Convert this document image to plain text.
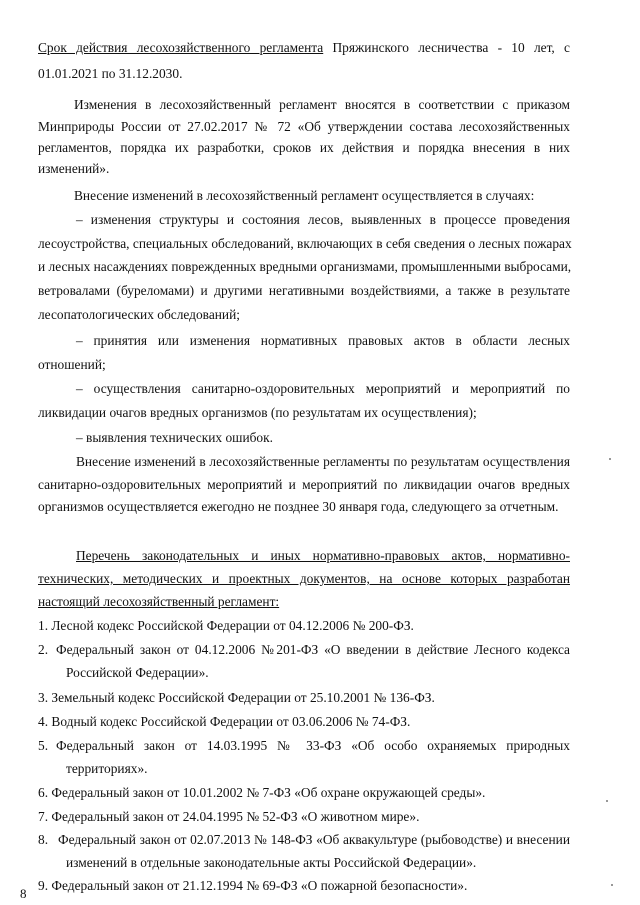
Срок действия лесохозяйственного регламента Пряжинского лесничества - 10 лет, с
01.01.2021 по 31.12.2030.
Изменения в лесохозяйственный регламент вносятся в соответствии с приказом
Минприроды России от 27.02.2017 № 72 «Об утверждении состава лесохозяйственных
регламентов, порядка их разработки, сроков их действия и порядка внесения в них
изменений».
Внесение изменений в лесохозяйственный регламент осуществляется в случаях:
– изменения структуры и состояния лесов, выявленных в процессе проведения
лесоустройства, специальных обследований, включающих в себя сведения о лесных пожарах
и лесных насаждениях поврежденных вредными организмами, промышленными выбросами,
ветровалами (буреломами) и другими негативными воздействиями, а также в результате
лесопатологических обследований;
– принятия или изменения нормативных правовых актов в области лесных
отношений;
– осуществления санитарно-оздоровительных мероприятий и мероприятий по
ликвидации очагов вредных организмов (по результатам их осуществления);
– выявления технических ошибок.
Внесение изменений в лесохозяйственные регламенты по результатам осуществления
санитарно-оздоровительных мероприятий и мероприятий по ликвидации очагов вредных
организмов осуществляется ежегодно не позднее 30 января года, следующего за отчетным.
Перечень законодательных и иных нормативно-правовых актов, нормативно-
технических, методических и проектных документов, на основе которых разработан
настоящий лесохозяйственный регламент:
1. Лесной кодекс Российской Федерации от 04.12.2006 № 200-ФЗ.
2. Федеральный закон от 04.12.2006 №201-ФЗ «О введении в действие Лесного кодекса
Российской Федерации».
3. Земельный кодекс Российской Федерации от 25.10.2001 № 136-ФЗ.
4. Водный кодекс Российской Федерации от 03.06.2006 № 74-ФЗ.
5. Федеральный закон от 14.03.1995 № 33-ФЗ «Об особо охраняемых природных
территориях».
6. Федеральный закон от 10.01.2002 № 7-ФЗ «Об охране окружающей среды».
7. Федеральный закон от 24.04.1995 № 52-ФЗ «О животном мире».
8. Федеральный закон от 02.07.2013 № 148-ФЗ «Об аквакультуре (рыбоводстве) и внесении
изменений в отдельные законодательные акты Российской Федерации».
9. Федеральный закон от 21.12.1994 № 69-ФЗ «О пожарной безопасности».
8
